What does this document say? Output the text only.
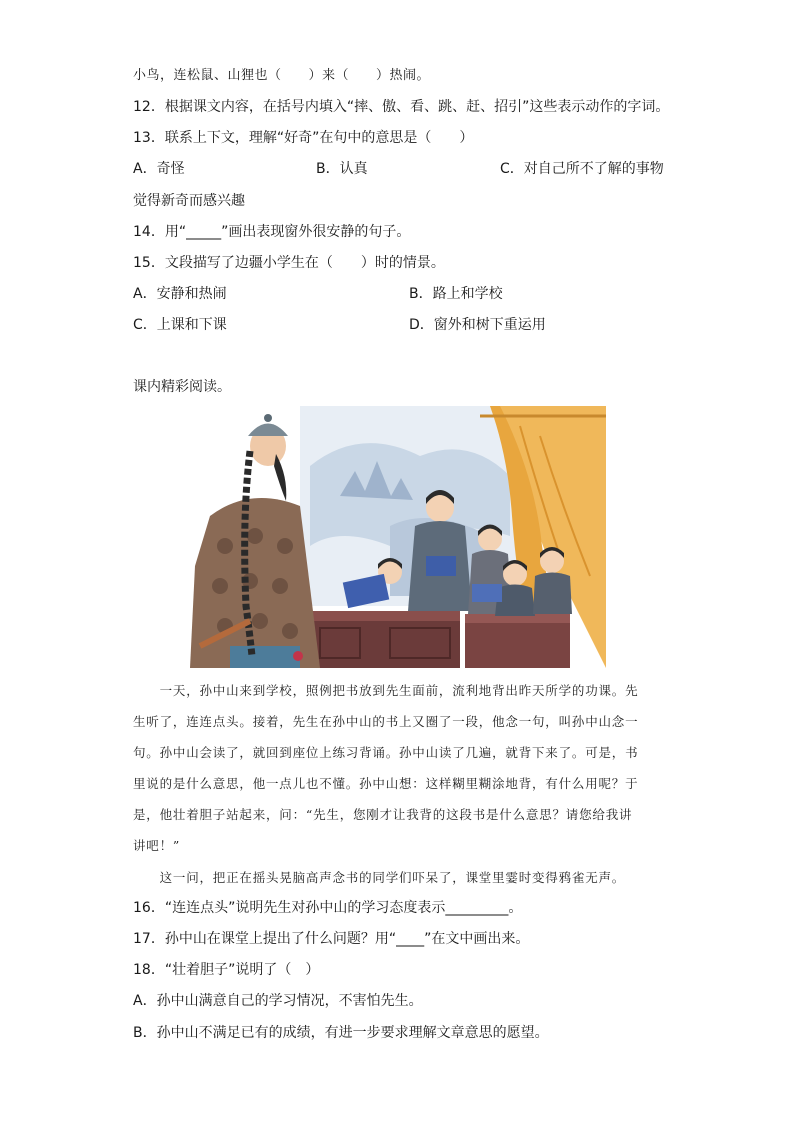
小鸟，连松鼠、山狸也（　　）来（　　）热闹。
12．根据课文内容，在括号内填入“摔、傲、看、跳、赶、招引”这些表示动作的字词。
13．联系上下文，理解“好奇”在句中的意思是（　　）
A．奇怪	B．认真	C．对自己所不了解的事物
觉得新奇而感兴趣
14．用“_____”画出表现窗外很安静的句子。
15．文段描写了边疆小学生在（　　）时的情景。
A．安静和热闹	B．路上和学校
C．上课和下课	D．窗外和树下重运用
课内精彩阅读。
　　一天，孙中山来到学校，照例把书放到先生面前，流利地背出昨天所学的功课。先
生听了，连连点头。接着，先生在孙中山的书上又圈了一段，他念一句，叫孙中山念一
句。孙中山会读了，就回到座位上练习背诵。孙中山读了几遍，就背下来了。可是，书
里说的是什么意思，他一点儿也不懂。孙中山想：这样糊里糊涂地背，有什么用呢？于
是，他壮着胆子站起来，问：“先生，您刚才让我背的这段书是什么意思？请您给我讲
讲吧！”
　　这一问，把正在摇头晃脑高声念书的同学们吓呆了，课堂里霎时变得鸦雀无声。
16．“连连点头”说明先生对孙中山的学习态度表示_________。
17．孙中山在课堂上提出了什么问题？用“____”在文中画出来。
18．“壮着胆子”说明了（　）
A．孙中山满意自己的学习情况，不害怕先生。
B．孙中山不满足已有的成绩，有进一步要求理解文章意思的愿望。
